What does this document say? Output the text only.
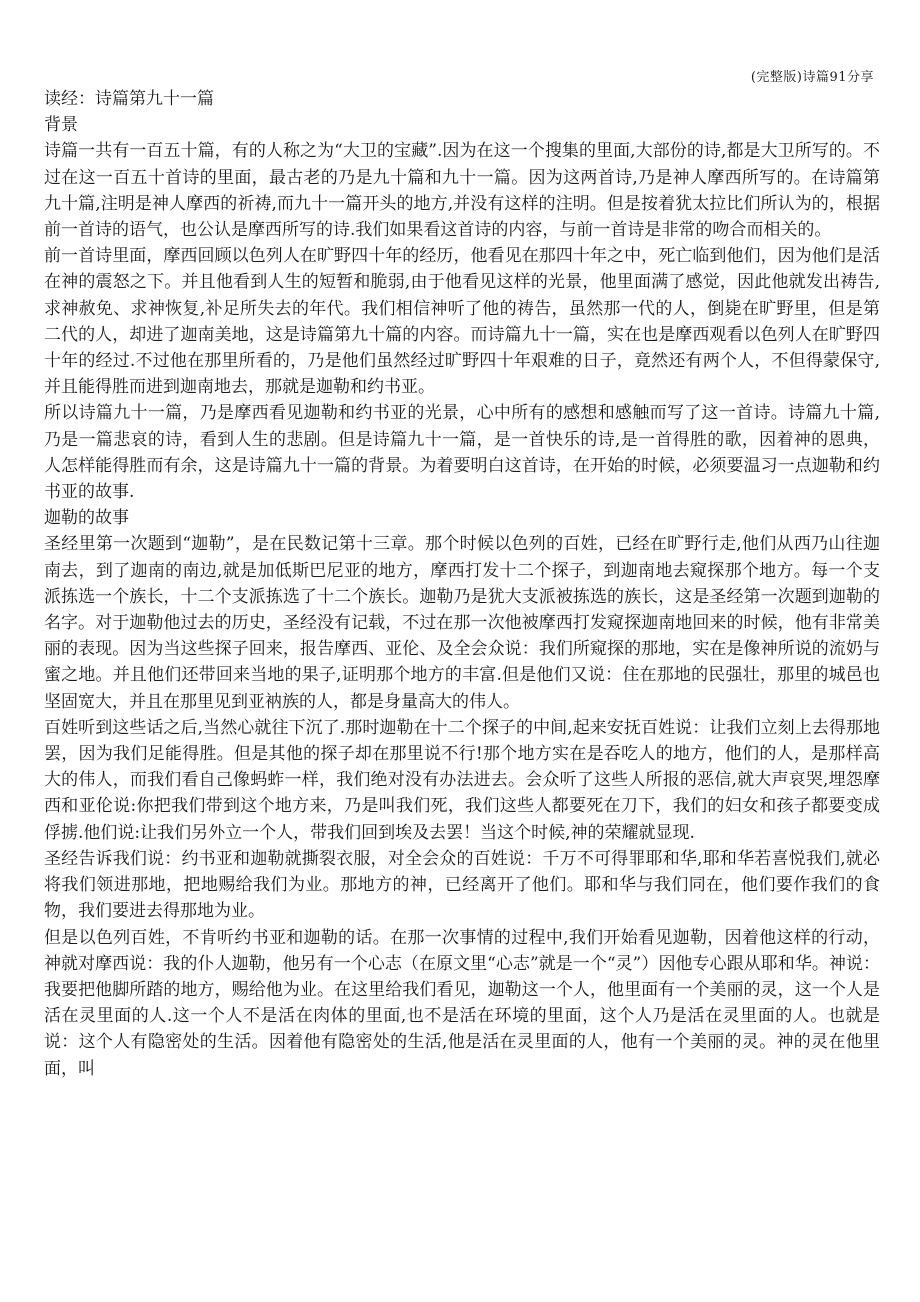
(完整版)诗篇91分享

读经：诗篇第九十一篇

背景

诗篇一共有一百五十篇，有的人称之为“大卫的宝藏”.因为在这一个搜集的里面,大部份的诗,都是大卫所写的。不过在这一百五十首诗的里面，最古老的乃是九十篇和九十一篇。因为这两首诗,乃是神人摩西所写的。在诗篇第九十篇,注明是神人摩西的祈祷,而九十一篇开头的地方,并没有这样的注明。但是按着犹太拉比们所认为的，根据前一首诗的语气，也公认是摩西所写的诗.我们如果看这首诗的内容，与前一首诗是非常的吻合而相关的。

前一首诗里面，摩西回顾以色列人在旷野四十年的经历，他看见在那四十年之中，死亡临到他们，因为他们是活在神的震怒之下。并且他看到人生的短暂和脆弱,由于他看见这样的光景，他里面满了感觉，因此他就发出祷告,求神赦免、求神恢复,补足所失去的年代。我们相信神听了他的祷告，虽然那一代的人，倒毙在旷野里，但是第二代的人，却进了迦南美地，这是诗篇第九十篇的内容。而诗篇九十一篇，实在也是摩西观看以色列人在旷野四十年的经过.不过他在那里所看的，乃是他们虽然经过旷野四十年艰难的日子，竟然还有两个人，不但得蒙保守,并且能得胜而进到迦南地去，那就是迦勒和约书亚。

所以诗篇九十一篇，乃是摩西看见迦勒和约书亚的光景，心中所有的感想和感触而写了这一首诗。诗篇九十篇,乃是一篇悲哀的诗，看到人生的悲剧。但是诗篇九十一篇，是一首快乐的诗,是一首得胜的歌，因着神的恩典，人怎样能得胜而有余，这是诗篇九十一篇的背景。为着要明白这首诗，在开始的时候，必须要温习一点迦勒和约书亚的故事.

迦勒的故事

圣经里第一次题到“迦勒”，是在民数记第十三章。那个时候以色列的百姓，已经在旷野行走,他们从西乃山往迦南去，到了迦南的南边,就是加低斯巴尼亚的地方，摩西打发十二个探子，到迦南地去窥探那个地方。每一个支派拣选一个族长，十二个支派拣选了十二个族长。迦勒乃是犹大支派被拣选的族长，这是圣经第一次题到迦勒的名字。对于迦勒他过去的历史，圣经没有记载，不过在那一次他被摩西打发窥探迦南地回来的时候，他有非常美丽的表现。因为当这些探子回来，报告摩西、亚伦、及全会众说：我们所窥探的那地，实在是像神所说的流奶与蜜之地。并且他们还带回来当地的果子,证明那个地方的丰富.但是他们又说：住在那地的民强壮，那里的城邑也坚固宽大，并且在那里见到亚衲族的人，都是身量高大的伟人。

百姓听到这些话之后,当然心就往下沉了.那时迦勒在十二个探子的中间,起来安抚百姓说：让我们立刻上去得那地罢，因为我们足能得胜。但是其他的探子却在那里说不行!那个地方实在是吞吃人的地方，他们的人，是那样高大的伟人，而我们看自己像蚂蚱一样，我们绝对没有办法进去。会众听了这些人所报的恶信,就大声哀哭,埋怨摩西和亚伦说:你把我们带到这个地方来，乃是叫我们死，我们这些人都要死在刀下，我们的妇女和孩子都要变成俘掳.他们说:让我们另外立一个人，带我们回到埃及去罢！当这个时候,神的荣耀就显现.

圣经告诉我们说：约书亚和迦勒就撕裂衣服，对全会众的百姓说：千万不可得罪耶和华,耶和华若喜悦我们,就必将我们领进那地，把地赐给我们为业。那地方的神，已经离开了他们。耶和华与我们同在，他们要作我们的食物，我们要进去得那地为业。

但是以色列百姓，不肯听约书亚和迦勒的话。在那一次事情的过程中,我们开始看见迦勒，因着他这样的行动，神就对摩西说：我的仆人迦勒，他另有一个心志（在原文里“心志”就是一个“灵”）因他专心跟从耶和华。神说：我要把他脚所踏的地方，赐给他为业。在这里给我们看见，迦勒这一个人，他里面有一个美丽的灵，这一个人是活在灵里面的人.这一个人不是活在肉体的里面,也不是活在环境的里面，这个人乃是活在灵里面的人。也就是说：这个人有隐密处的生活。因着他有隐密处的生活,他是活在灵里面的人，他有一个美丽的灵。神的灵在他里面，叫
